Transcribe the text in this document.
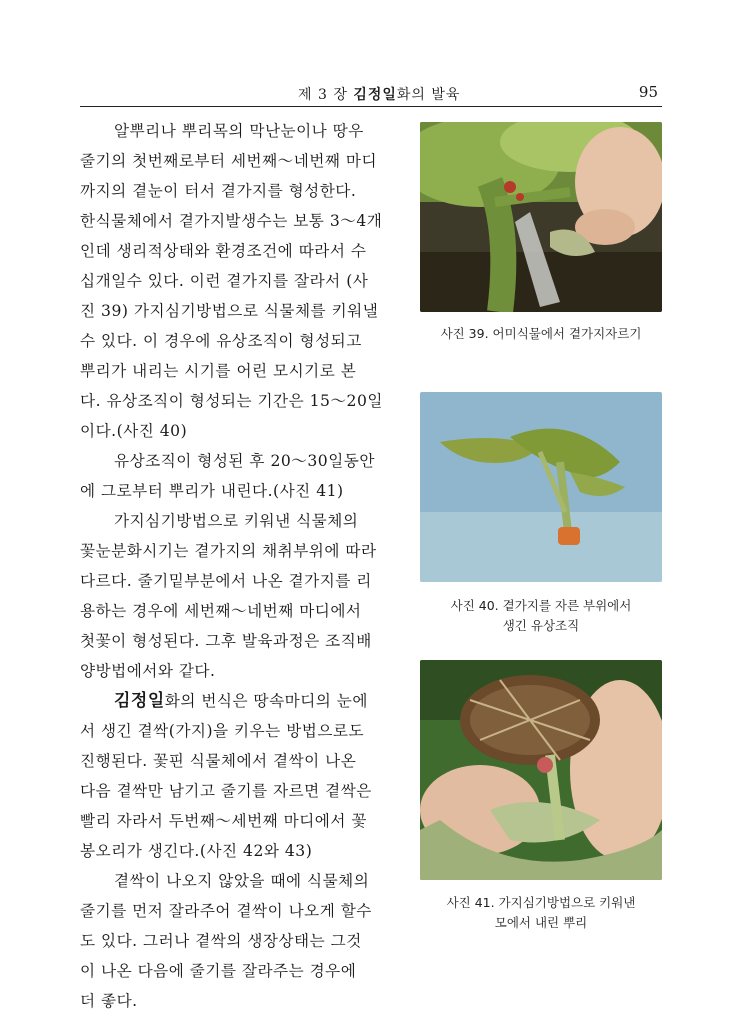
제 3 장 김정일화의 발육	95
알뿌리나 뿌리목의 막난눈이나 땅우
줄기의 첫번째로부터 세번째～네번째 마디
까지의 곁눈이 터서 곁가지를 형성한다.
한식물체에서 곁가지발생수는 보통 3～4개
인데 생리적상태와 환경조건에 따라서 수
십개일수 있다. 이런 곁가지를 잘라서 (사
진 39) 가지심기방법으로 식물체를 키워낼
수 있다. 이 경우에 유상조직이 형성되고
뿌리가 내리는 시기를 어린 모시기로 본
다. 유상조직이 형성되는 기간은 15～20일
이다.(사진 40)
유상조직이 형성된 후 20～30일동안
에 그로부터 뿌리가 내린다.(사진 41)
가지심기방법으로 키워낸 식물체의
꽃눈분화시기는 곁가지의 채취부위에 따라
다르다. 줄기밑부분에서 나온 곁가지를 리
용하는 경우에 세번째～네번째 마디에서
첫꽃이 형성된다. 그후 발육과정은 조직배
양방법에서와 같다.
김정일화의 번식은 땅속마디의 눈에
서 생긴 곁싹(가지)을 키우는 방법으로도
진행된다. 꽃핀 식물체에서 곁싹이 나온
다음 곁싹만 남기고 줄기를 자르면 곁싹은
빨리 자라서 두번째～세번째 마디에서 꽃
봉오리가 생긴다.(사진 42와 43)
곁싹이 나오지 않았을 때에 식물체의
줄기를 먼저 잘라주어 곁싹이 나오게 할수
도 있다. 그러나 곁싹의 생장상태는 그것
이 나온 다음에 줄기를 잘라주는 경우에
더 좋다.
사진 39. 어미식물에서 곁가지자르기
사진 40. 곁가지를 자른 부위에서
생긴 유상조직
사진 41. 가지심기방법으로 키워낸
모에서 내린 뿌리
